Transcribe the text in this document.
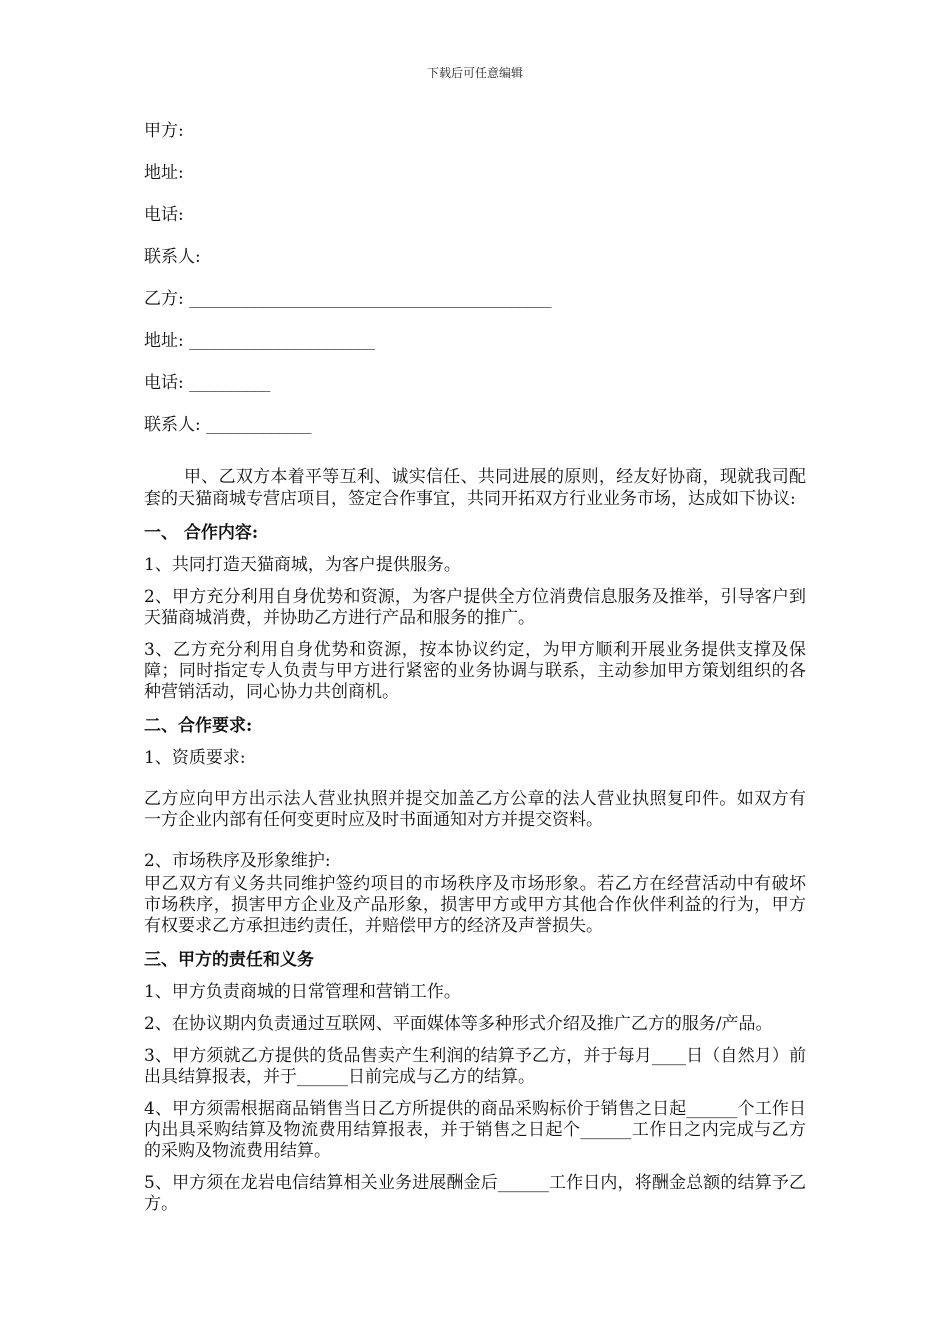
下载后可任意编辑
甲方:
地址:
电话:
联系人:
乙方: _____________________________________________
地址: _______________________
电话: __________
联系人: _____________
甲、乙双方本着平等互利、诚实信任、共同进展的原则，经友好协商，现就我司配套的天猫商城专营店项目，签定合作事宜，共同开拓双方行业业务市场，达成如下协议:
一、 合作内容:
1、共同打造天猫商城，为客户提供服务。
2、甲方充分利用自身优势和资源，为客户提供全方位消费信息服务及推举，引导客户到天猫商城消费，并协助乙方进行产品和服务的推广。
3、乙方充分利用自身优势和资源，按本协议约定，为甲方顺利开展业务提供支撑及保障；同时指定专人负责与甲方进行紧密的业务协调与联系，主动参加甲方策划组织的各种营销活动，同心协力共创商机。
二、合作要求:
1、资质要求:
乙方应向甲方出示法人营业执照并提交加盖乙方公章的法人营业执照复印件。如双方有一方企业内部有任何变更时应及时书面通知对方并提交资料。
2、市场秩序及形象维护:
甲乙双方有义务共同维护签约项目的市场秩序及市场形象。若乙方在经营活动中有破坏市场秩序，损害甲方企业及产品形象，损害甲方或甲方其他合作伙伴利益的行为，甲方有权要求乙方承担违约责任，并赔偿甲方的经济及声誉损失。
三、甲方的责任和义务
1、甲方负责商城的日常管理和营销工作。
2、在协议期内负责通过互联网、平面媒体等多种形式介绍及推广乙方的服务/产品。
3、甲方须就乙方提供的货品售卖产生利润的结算予乙方，并于每月____日（自然月）前出具结算报表，并于______日前完成与乙方的结算。
4、甲方须需根据商品销售当日乙方所提供的商品采购标价于销售之日起______个工作日内出具采购结算及物流费用结算报表，并于销售之日起个______工作日之内完成与乙方的采购及物流费用结算。
5、甲方须在龙岩电信结算相关业务进展酬金后______工作日内，将酬金总额的结算予乙方。
